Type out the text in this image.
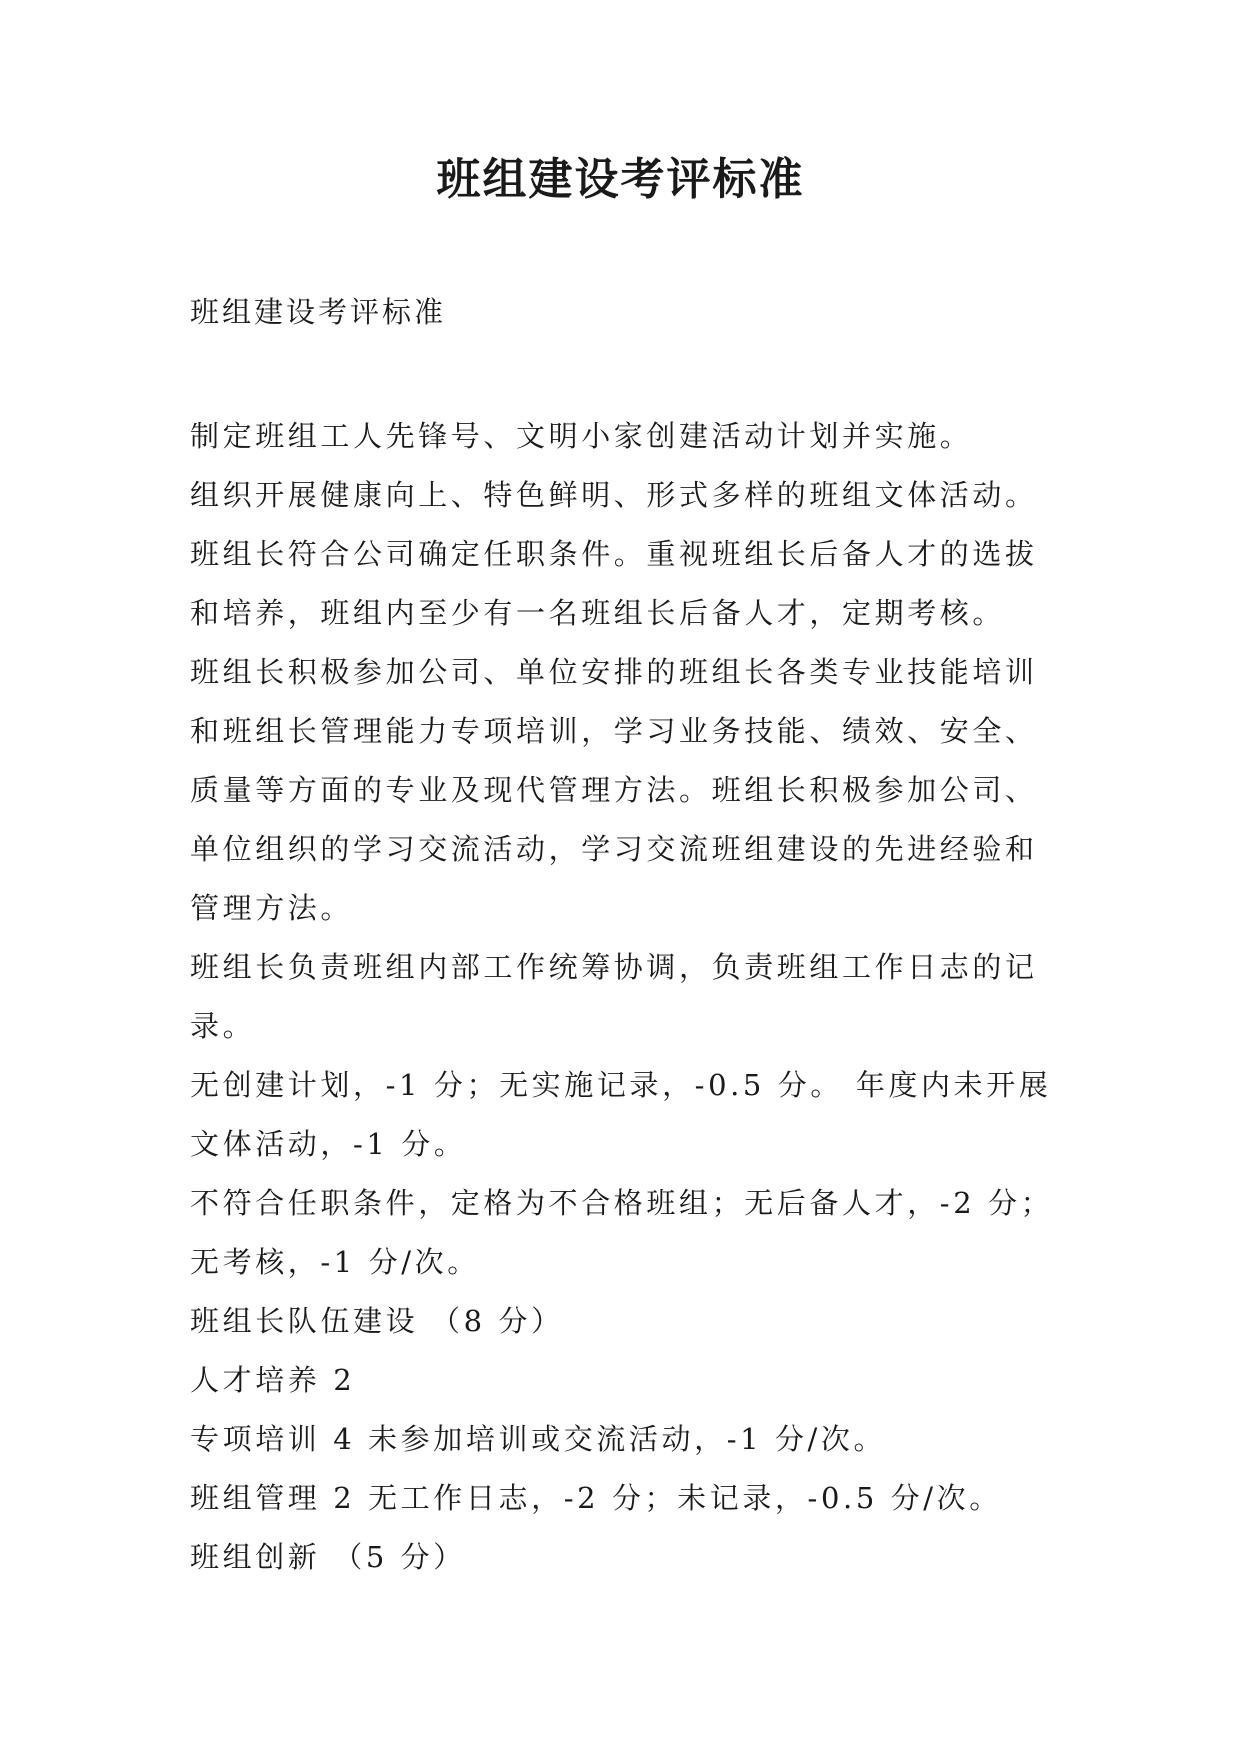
班组建设考评标准

班组建设考评标准

制定班组工人先锋号、文明小家创建活动计划并实施。
组织开展健康向上、特色鲜明、形式多样的班组文体活动。
班组长符合公司确定任职条件。重视班组长后备人才的选拔
和培养，班组内至少有一名班组长后备人才，定期考核。
班组长积极参加公司、单位安排的班组长各类专业技能培训
和班组长管理能力专项培训，学习业务技能、绩效、安全、
质量等方面的专业及现代管理方法。班组长积极参加公司、
单位组织的学习交流活动，学习交流班组建设的先进经验和
管理方法。
班组长负责班组内部工作统筹协调，负责班组工作日志的记
录。
无创建计划，-1 分；无实施记录，-0.5 分。 年度内未开展
文体活动，-1 分。
不符合任职条件，定格为不合格班组；无后备人才，-2 分；
无考核，-1 分/次。
班组长队伍建设 （8 分）
人才培养 2
专项培训 4 未参加培训或交流活动，-1 分/次。
班组管理 2 无工作日志，-2 分；未记录，-0.5 分/次。
班组创新 （5 分）
